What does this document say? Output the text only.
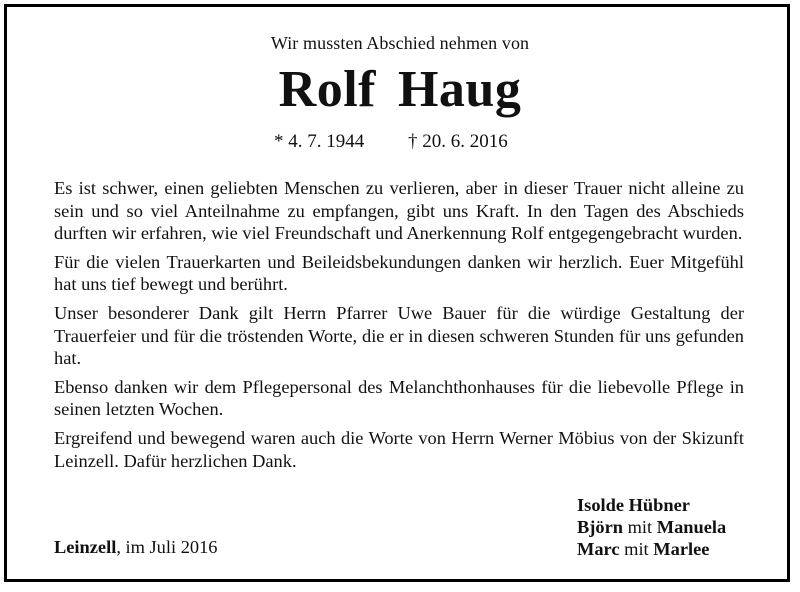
Wir mussten Abschied nehmen von
Rolf Haug
* 4. 7. 1944 † 20. 6. 2016

Es ist schwer, einen geliebten Menschen zu verlieren, aber in dieser Trauer nicht alleine zu sein und so viel Anteilnahme zu empfangen, gibt uns Kraft. In den Tagen des Abschieds durften wir erfahren, wie viel Freundschaft und Anerkennung Rolf entgegengebracht wurden.

Für die vielen Trauerkarten und Beileidsbekundungen danken wir herzlich. Euer Mitgefühl hat uns tief bewegt und berührt.

Unser besonderer Dank gilt Herrn Pfarrer Uwe Bauer für die würdige Gestaltung der Trauerfeier und für die tröstenden Worte, die er in diesen schweren Stunden für uns gefunden hat.

Ebenso danken wir dem Pflegepersonal des Melanchthonhauses für die liebevolle Pflege in seinen letzten Wochen.

Ergreifend und bewegend waren auch die Worte von Herrn Werner Möbius von der Skizunft Leinzell. Dafür herzlichen Dank.

Leinzell, im Juli 2016
Isolde Hübner
Björn mit Manuela
Marc mit Marlee
